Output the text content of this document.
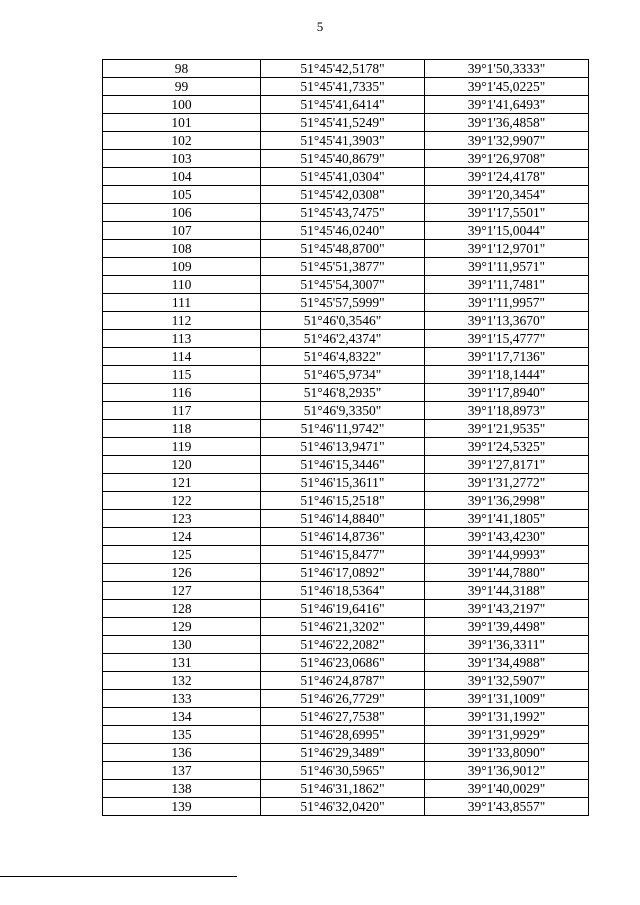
5
98	51°45'42,5178"	39°1'50,3333"
99	51°45'41,7335"	39°1'45,0225"
100	51°45'41,6414"	39°1'41,6493"
101	51°45'41,5249"	39°1'36,4858"
102	51°45'41,3903"	39°1'32,9907"
103	51°45'40,8679"	39°1'26,9708"
104	51°45'41,0304"	39°1'24,4178"
105	51°45'42,0308"	39°1'20,3454"
106	51°45'43,7475"	39°1'17,5501"
107	51°45'46,0240"	39°1'15,0044"
108	51°45'48,8700"	39°1'12,9701"
109	51°45'51,3877"	39°1'11,9571"
110	51°45'54,3007"	39°1'11,7481"
111	51°45'57,5999"	39°1'11,9957"
112	51°46'0,3546"	39°1'13,3670"
113	51°46'2,4374"	39°1'15,4777"
114	51°46'4,8322"	39°1'17,7136"
115	51°46'5,9734"	39°1'18,1444"
116	51°46'8,2935"	39°1'17,8940"
117	51°46'9,3350"	39°1'18,8973"
118	51°46'11,9742"	39°1'21,9535"
119	51°46'13,9471"	39°1'24,5325"
120	51°46'15,3446"	39°1'27,8171"
121	51°46'15,3611"	39°1'31,2772"
122	51°46'15,2518"	39°1'36,2998"
123	51°46'14,8840"	39°1'41,1805"
124	51°46'14,8736"	39°1'43,4230"
125	51°46'15,8477"	39°1'44,9993"
126	51°46'17,0892"	39°1'44,7880"
127	51°46'18,5364"	39°1'44,3188"
128	51°46'19,6416"	39°1'43,2197"
129	51°46'21,3202"	39°1'39,4498"
130	51°46'22,2082"	39°1'36,3311"
131	51°46'23,0686"	39°1'34,4988"
132	51°46'24,8787"	39°1'32,5907"
133	51°46'26,7729"	39°1'31,1009"
134	51°46'27,7538"	39°1'31,1992"
135	51°46'28,6995"	39°1'31,9929"
136	51°46'29,3489"	39°1'33,8090"
137	51°46'30,5965"	39°1'36,9012"
138	51°46'31,1862"	39°1'40,0029"
139	51°46'32,0420"	39°1'43,8557"
